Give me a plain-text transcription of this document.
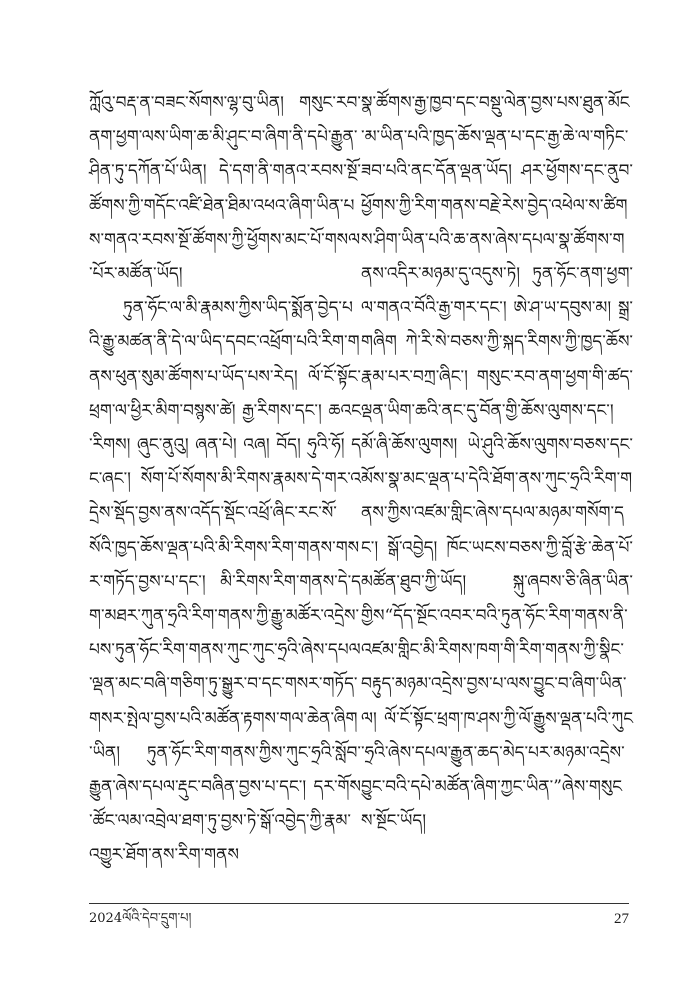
ཀློའུ་བརྡ་ན་བཟང་སོགས་ལྷ་བུ་ཡིན། གསུང་རབ་ནག་ཕྱག་ལས་ཡིག་ཆ་མི་ཤུང་བ་ཞིག་ནི་དཔེ་རྒྱུན་ཤིན་ཏུ་དཀོན་པོ་ཡིན། དེ་དག་ནི་གནའ་རབས་སྔོ་ཚོགས་ཀྱི་གདོང་འཛི་ཐེན་ཐིམ་འཕའ་ཞིག་ཡིན་པས་གནའ་རབས་སྔོ་ཚོགས་ཀྱི་ཕྱོགས་མང་པོ་གསལ་པོར་མཚོན་ཡོད།

ཏུན་ཧོང་ལ་མི་རྣམས་ཀྱིས་ཡིད་སྨོན་བྱེད་པའི་རྒྱུ་མཚན་ནི་དེ་ལ་ཡིད་དབང་འཕྲོག་པའི་རིག་གནས་ཕུན་སུམ་ཚོགས་པ་ཡོད་པས་རེད། ལོ་ངོ་སྟོང་ཕྲག་ལ་ཕྱིར་མིག་བསྙས་ཚེ། རྒྱ་རིགས་དང་། ཆའང་རིགས། ཞུང་ནུའུ། ཞན་པེ། འཞ། བོད། ཧུའི་ཧོ། དང་ཞང་། སོག་པོ་སོགས་མི་རིགས་རྣམས་དེ་གར་འདྲེས་སྡོད་བྱས་ནས་འདོད་སྡོང་འཕྲོ་ཞིང་རང་སོ་སོའི་ཁྱད་ཆོས་ལྡན་པའི་མི་རིགས་རིག་གནས་གསར་གཏོད་བྱས་པ་དང་། མི་རིགས་རིག་གནས་དེ་དག་མཐར་ཀུན་ཧྲའི་རིག་གནས་ཀྱི་རྒྱུ་མཚོར་འདྲེས་པས་ཏུན་ཧོང་རིག་གནས་ཀུང་ཀུང་ཧྲའི་ཞེས་དཔལ་ལྡན་མང་བཞི་གཅིག་ཏུ་སྒྱུར་བ་དང་གསར་གཏོད་གསར་སྤེལ་བྱས་པའི་མཚོན་རྟགས་གལ་ཆེན་ཞིག་ཡིན། ཏུན་ཧོང་རིག་གནས་ཀྱིས་ཀུང་ཧྲའི་སློབ་རྒྱུན་ཞེས་དཔལ་རྡུང་བཞིན་བྱས་པ་དང་། དར་གོས་ཚོང་ལམ་འབྲེལ་ཐག་ཏུ་བྱས་ཏེ་སྒོ་འབྱེད་ཀྱི་རྣམ་འགྱུར་ཐོག་ནས་རིག་གནས

སྣ་ཚོགས་རྒྱ་ཁྱབ་དང་བསྡུ་ལེན་བྱས་པས་ཐུན་མོང་མ་ཡིན་པའི་ཁྱད་ཆོས་ལྡན་པ་དང་རྒྱ་ཆེ་ལ་གཏིང་ཟབ་པའི་ནང་དོན་ལྡན་ཡོད། ཤར་ཕྱོགས་དང་ནུབ་ཕྱོགས་ཀྱི་རིག་གནས་བརྗེ་རེས་བྱེད་འཕེལ་ས་ཚིགས་ཤིག་ཡིན་པའི་ཆ་ནས་ཞེས་དཔལ་སྣ་ཚོགས་གནས་འདིར་མཉམ་དུ་འདུས་ཏེ། ཏུན་ཧོང་ནག་ཕྱག་ལ་གནའ་བོའི་རྒྱ་གར་དང་། ཨེ་ཤ་ཡ་དབུས་མ། སྒྲ་གཞིག ཀེ་རི་སེ་བཅས་ཀྱི་སྐད་རིགས་ཀྱི་ཁྱད་ཆོས་རྣམ་པར་བཀྲ་ཞིང་། གསུང་རབ་ནག་ཕྱག་གི་ཚད་ལྡན་ཡིག་ཆའི་ནང་དུ་བོན་གྱི་ཆོས་ལུགས་དང་། མོ་ཞི་ཆོས་ལུགས། ཡེ་ཤུའི་ཆོས་ལུགས་བཅས་དང་མོས་སྣ་མང་ལྡན་པ་དེའི་ཐོག་ནས་ཀུང་ཧྲའི་རིག་གནས་ཀྱིས་འཛམ་གླིང་ཞེས་དཔལ་མཉམ་གསོག་དང་། སྒོ་འབྱེད། ཁོང་ཡངས་བཅས་ཀྱི་བློ་རྩེ་ཆེན་པོ་མཚོན་ཐུབ་ཀྱི་ཡོད། སྐུ་ཞབས་ཅི་ཞིན་ཡིན་གྱིས“དོད་སྔོང་འབར་བའི་ཏུན་ཧོང་རིག་གནས་ནི་འཛམ་གླིང་མི་རིགས་ཁག་གི་རིག་གནས་ཀྱི་སྣིང་བརྟུད་མཉམ་འདྲེས་བྱས་པ་ལས་བྱུང་བ་ཞིག་ཡིན་ལ། ལོ་ངོ་སྟོང་ཕྲག་ཁ་ཤས་ཀྱི་ལོ་རྒྱུས་ལྡན་པའི་ཀུང་ཧྲའི་ཞེས་དཔལ་རྒྱུན་ཆད་མེད་པར་མཉམ་འདྲེས་བྱུང་བའི་དཔེ་མཚོན་ཞིག་ཀྱང་ཡིན་”ཞེས་གསུངས་སྔོང་ཡོད།

2024ལོའི་དེབ་དྲུག་པ།	27
